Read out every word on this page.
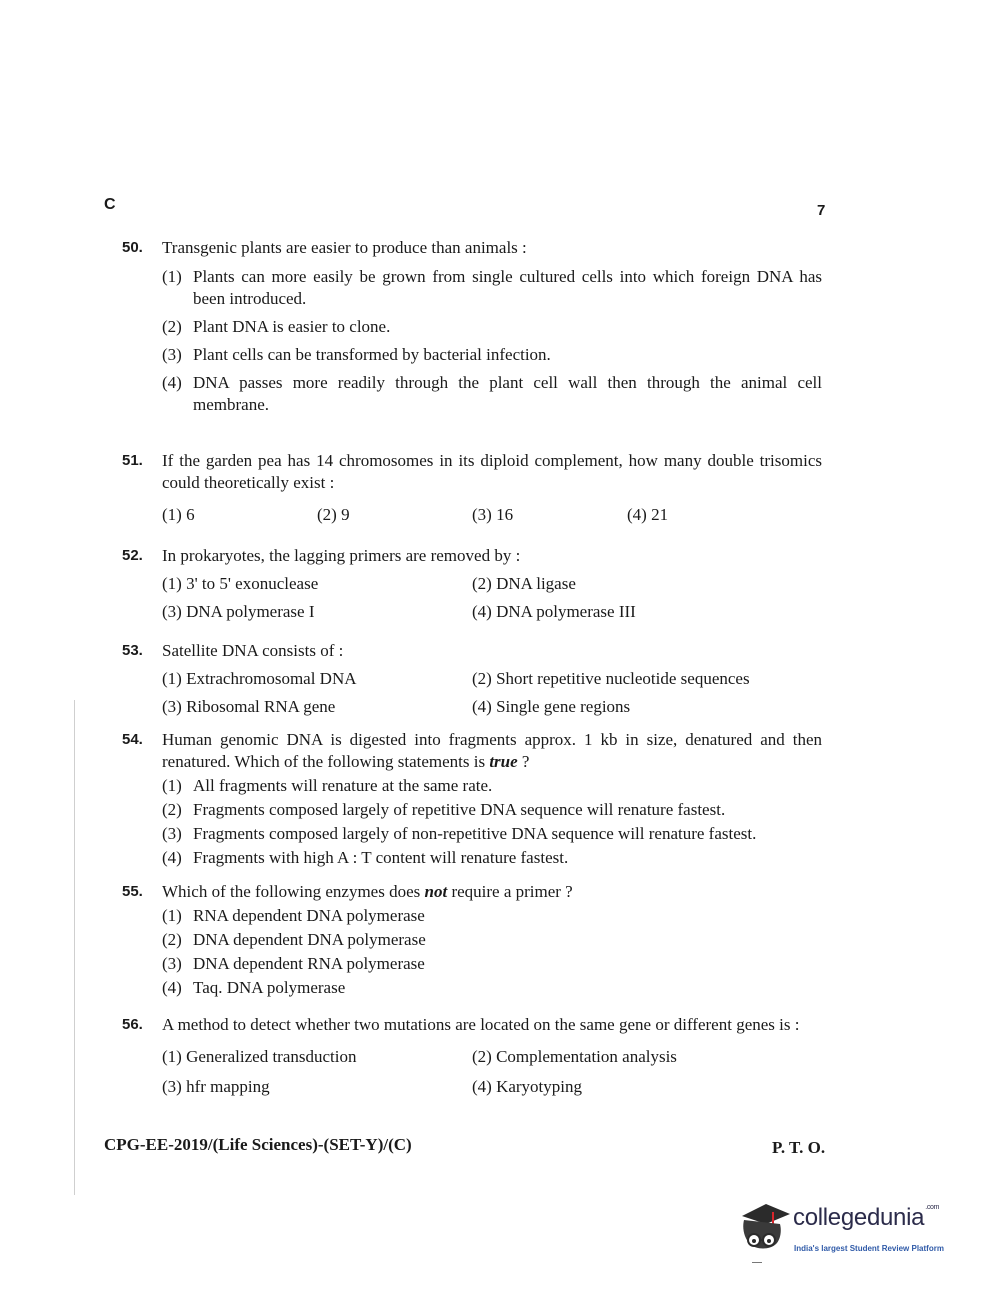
C	7
50. Transgenic plants are easier to produce than animals :
(1) Plants can more easily be grown from single cultured cells into which foreign DNA has been introduced.
(2) Plant DNA is easier to clone.
(3) Plant cells can be transformed by bacterial infection.
(4) DNA passes more readily through the plant cell wall then through the animal cell membrane.
51. If the garden pea has 14 chromosomes in its diploid complement, how many double trisomics could theoretically exist :
(1) 6	(2) 9	(3) 16	(4) 21
52. In prokaryotes, the lagging primers are removed by :
(1) 3' to 5' exonuclease	(2) DNA ligase
(3) DNA polymerase I	(4) DNA polymerase III
53. Satellite DNA consists of :
(1) Extrachromosomal DNA	(2) Short repetitive nucleotide sequences
(3) Ribosomal RNA gene	(4) Single gene regions
54. Human genomic DNA is digested into fragments approx. 1 kb in size, denatured and then renatured. Which of the following statements is true ?
(1) All fragments will renature at the same rate.
(2) Fragments composed largely of repetitive DNA sequence will renature fastest.
(3) Fragments composed largely of non-repetitive DNA sequence will renature fastest.
(4) Fragments with high A : T content will renature fastest.
55. Which of the following enzymes does not require a primer ?
(1) RNA dependent DNA polymerase
(2) DNA dependent DNA polymerase
(3) DNA dependent RNA polymerase
(4) Taq. DNA polymerase
56. A method to detect whether two mutations are located on the same gene or different genes is :
(1) Generalized transduction	(2) Complementation analysis
(3) hfr mapping	(4) Karyotyping
CPG-EE-2019/(Life Sciences)-(SET-Y)/(C)	P. T. O.
collegedunia$^{.com}$
India's largest Student Review Platform
